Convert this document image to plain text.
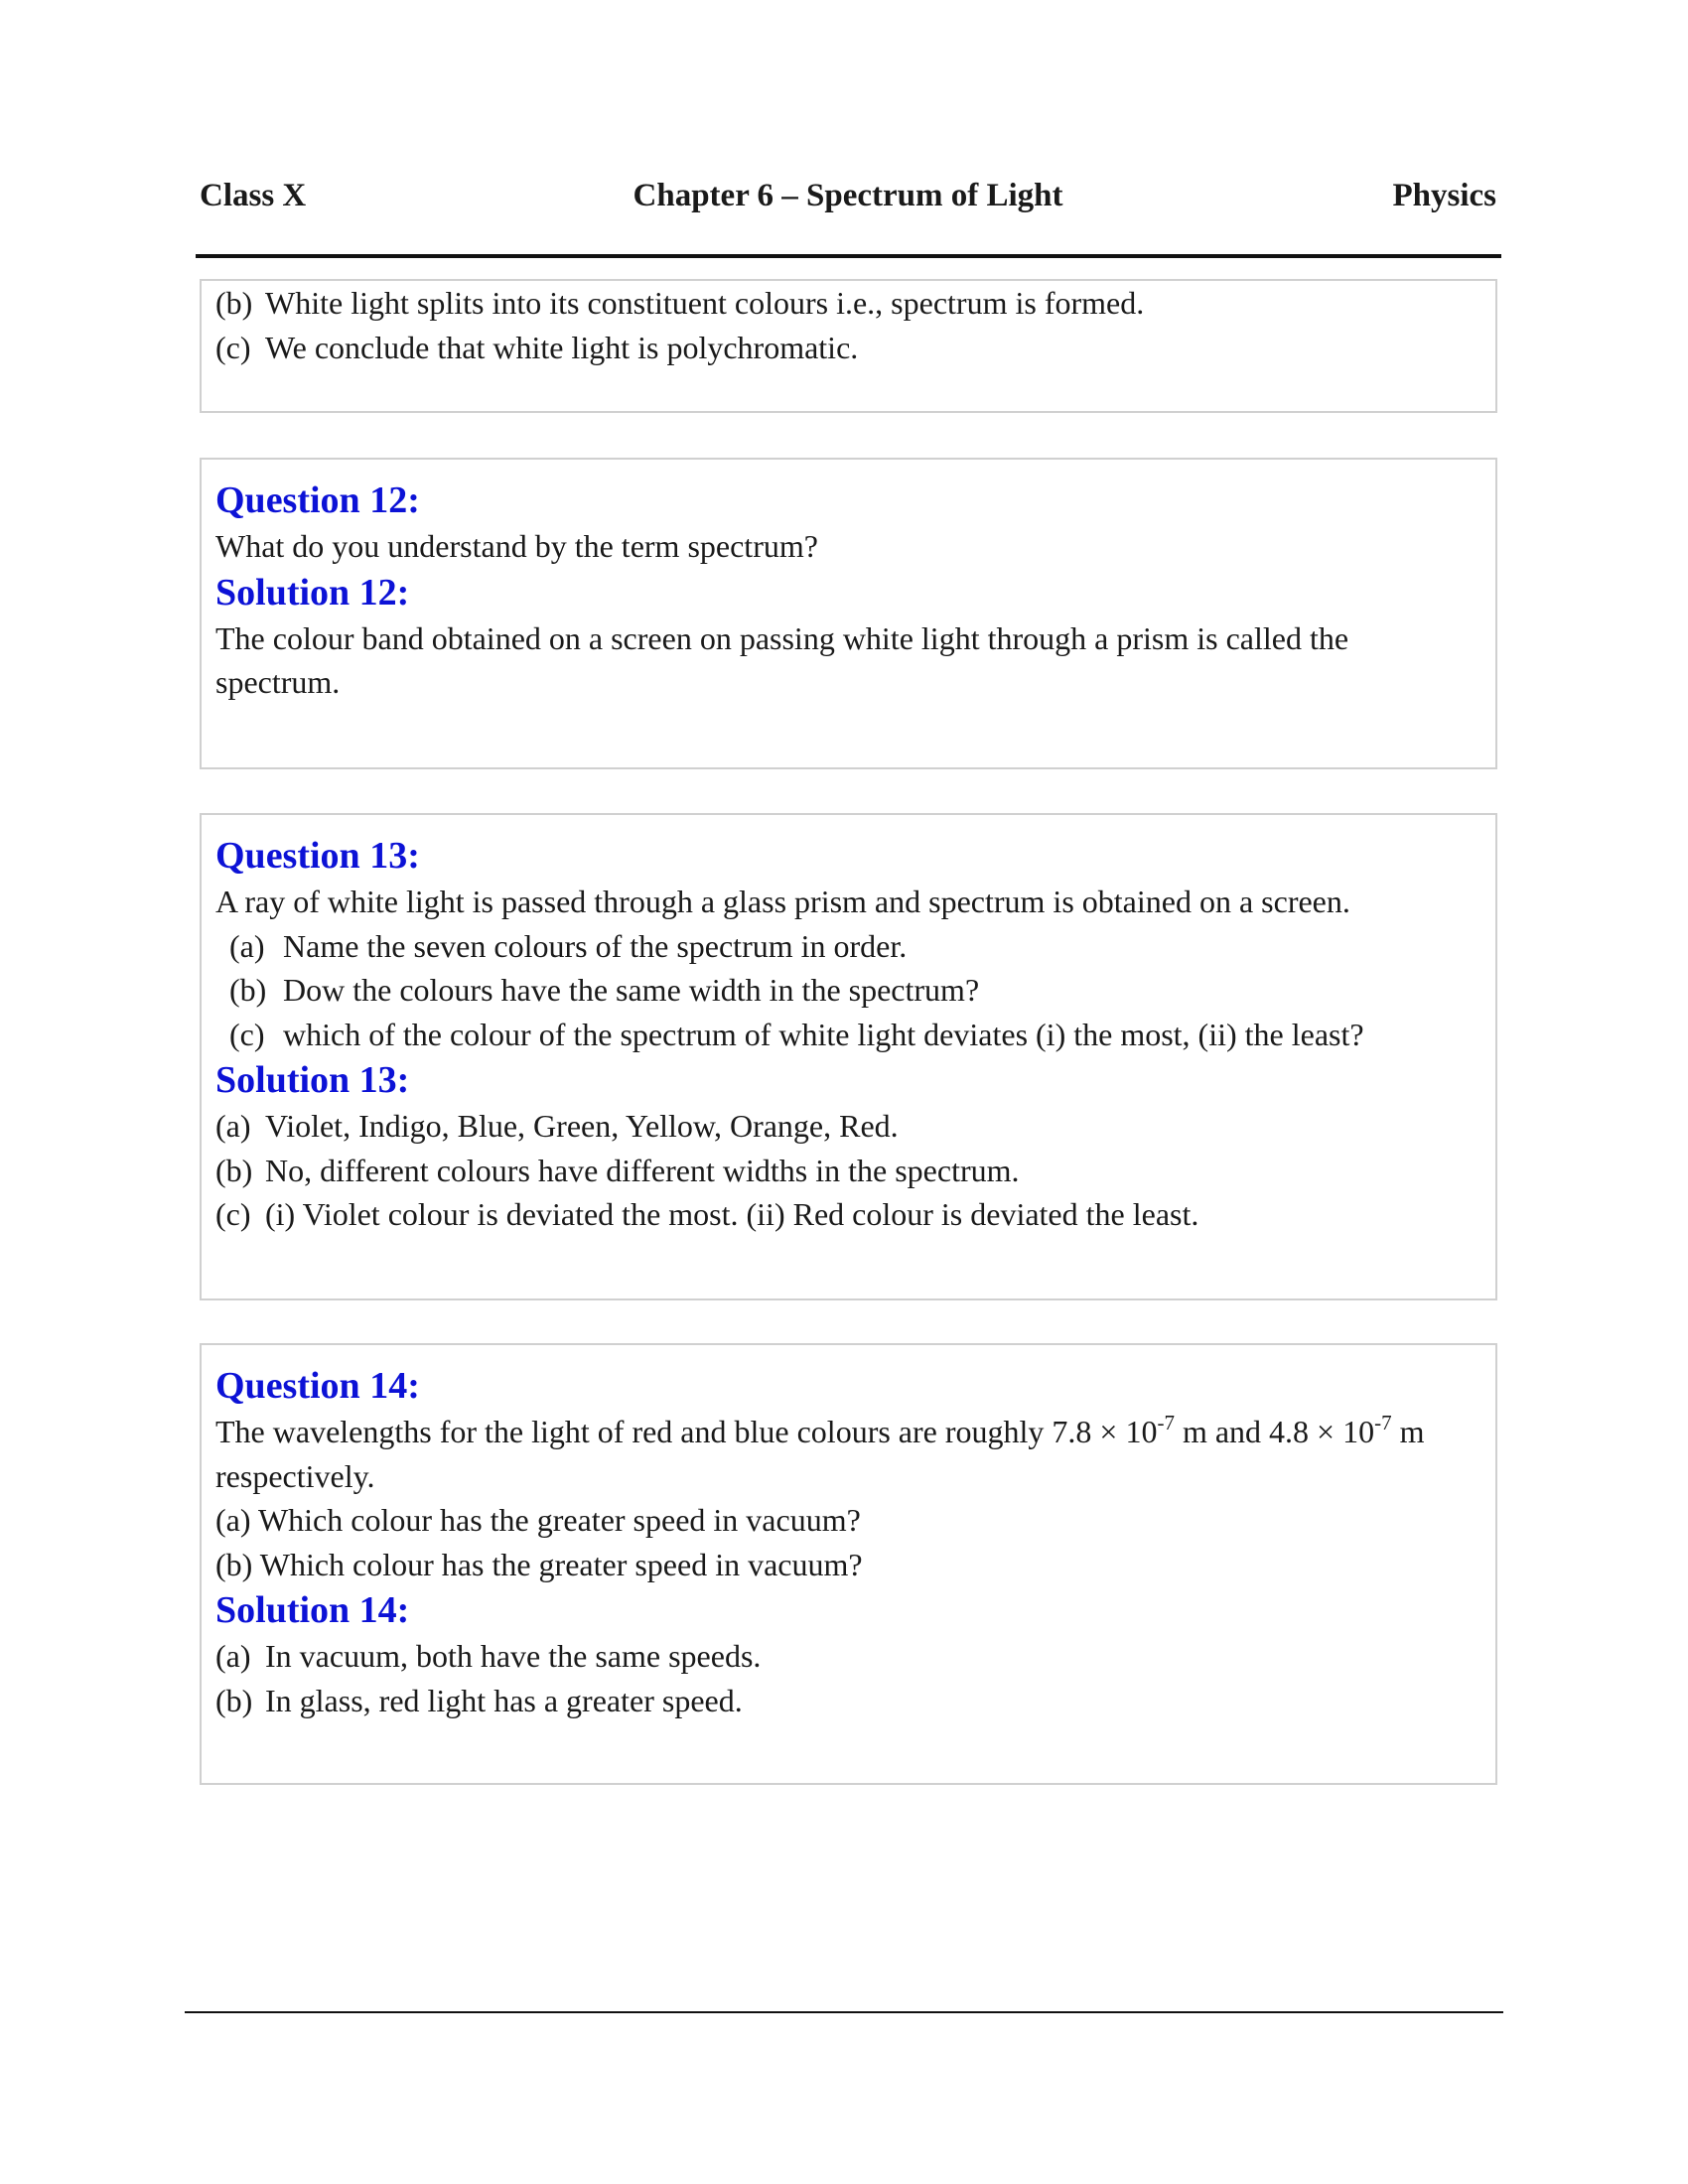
Chapter 6 – Spectrum of Light
Class X	Physics
(b) White light splits into its constituent colours i.e., spectrum is formed.
(c) We conclude that white light is polychromatic.
Question 12:
What do you understand by the term spectrum?
Solution 12:
The colour band obtained on a screen on passing white light through a prism is called the
spectrum.
Question 13:
A ray of white light is passed through a glass prism and spectrum is obtained on a screen.
(a) Name the seven colours of the spectrum in order.
(b) Dow the colours have the same width in the spectrum?
(c) which of the colour of the spectrum of white light deviates (i) the most, (ii) the least?
Solution 13:
(a) Violet, Indigo, Blue, Green, Yellow, Orange, Red.
(b) No, different colours have different widths in the spectrum.
(c) (i) Violet colour is deviated the most. (ii) Red colour is deviated the least.
Question 14:
The wavelengths for the light of red and blue colours are roughly $7.8 \times 10^{-7}$ m and $4.8 \times 10^{-7}$ m
respectively.
(a) Which colour has the greater speed in vacuum?
(b) Which colour has the greater speed in vacuum?
Solution 14:
(a) In vacuum, both have the same speeds.
(b) In glass, red light has a greater speed.
